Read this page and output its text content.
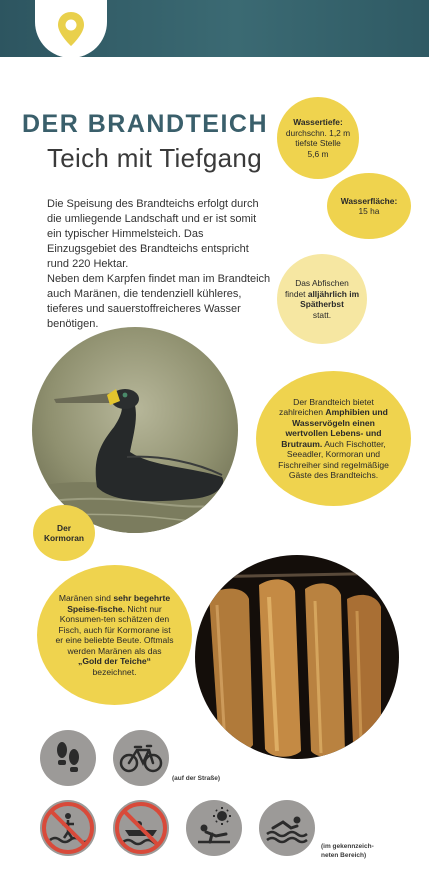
DER BRANDTEICH
Teich mit Tiefgang

Die Speisung des Brandteichs erfolgt durch die umliegende Landschaft und er ist somit ein typischer Himmelsteich. Das Einzugsgebiet des Brandteichs entspricht rund 220 Hektar.

Neben dem Karpfen findet man im Brandteich auch Maränen, die tendenziell kühleres, tieferes und sauerstoffreicheres Wasser benötigen.

Wassertiefe:
durchschn. 1,2 m
tiefste Stelle
5,6 m
Wasserfläche:
15 ha
Das Abfischen
findet alljährlich im Spätherbst
statt.
Der Brandteich bietet zahlreichen Amphibien und Wasservögeln einen wertvollen Lebens- und Brutraum. Auch Fischotter, Seeadler, Kormoran und Fischreiher sind regelmäßige Gäste des Brandteichs.
Der Kormoran
Maränen sind sehr begehrte Speise-fische. Nicht nur Konsumen-ten schätzen den Fisch, auch für Kormorane ist er eine beliebte Beute. Oftmals werden Maränen als das „Gold der Teiche“ bezeichnet.
(auf der Straße)
(im gekennzeich-neten Bereich)
